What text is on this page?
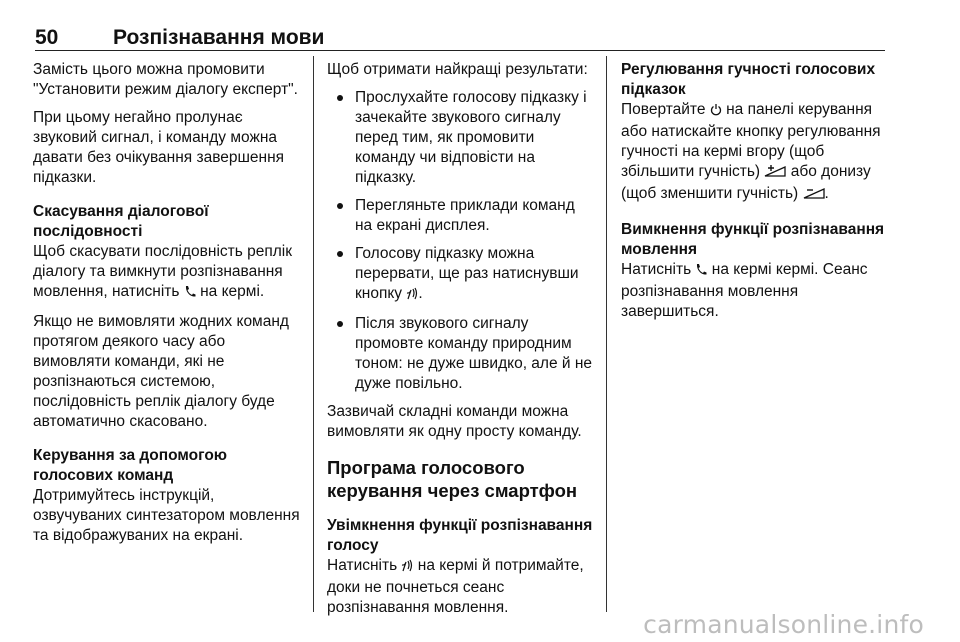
50	Розпізнавання мови

Замість цього можна промовити "Установити режим діалогу експерт".

При цьому негайно пролунає звуковий сигнал, і команду можна давати без очікування завершення підказки.

Скасування діалогової послідовності

Щоб скасувати послідовність реплік діалогу та вимкнути розпізнавання мовлення, натисніть на кермі.

Якщо не вимовляти жодних команд протягом деякого часу або вимовляти команди, які не розпізнаються системою, послідовність реплік діалогу буде автоматично скасовано.

Керування за допомогою голосових команд

Дотримуйтесь інструкцій, озвучуваних синтезатором мовлення та відображуваних на екрані.

Щоб отримати найкращі результати:

Прослухайте голосову підказку і зачекайте звукового сигналу перед тим, як промовити команду чи відповісти на підказку.
Перегляньте приклади команд на екрані дисплея.
Голосову підказку можна перервати, ще раз натиснувши кнопку .
Після звукового сигналу промовте команду природним тоном: не дуже швидко, але й не дуже повільно.

Зазвичай складні команди можна вимовляти як одну просту команду.

Програма голосового керування через смартфон

Увімкнення функції розпізнавання голосу

Натисніть на кермі й потримайте, доки не почнеться сеанс розпізнавання мовлення.

Регулювання гучності голосових підказок

Повертайте на панелі керування або натискайте кнопку регулювання гучності на кермі вгору (щоб збільшити гучність) або донизу (щоб зменшити гучність) .

Вимкнення функції розпізнавання мовлення

Натисніть на кермі кермі. Сеанс розпізнавання мовлення завершиться.

carmanualsonline.info
